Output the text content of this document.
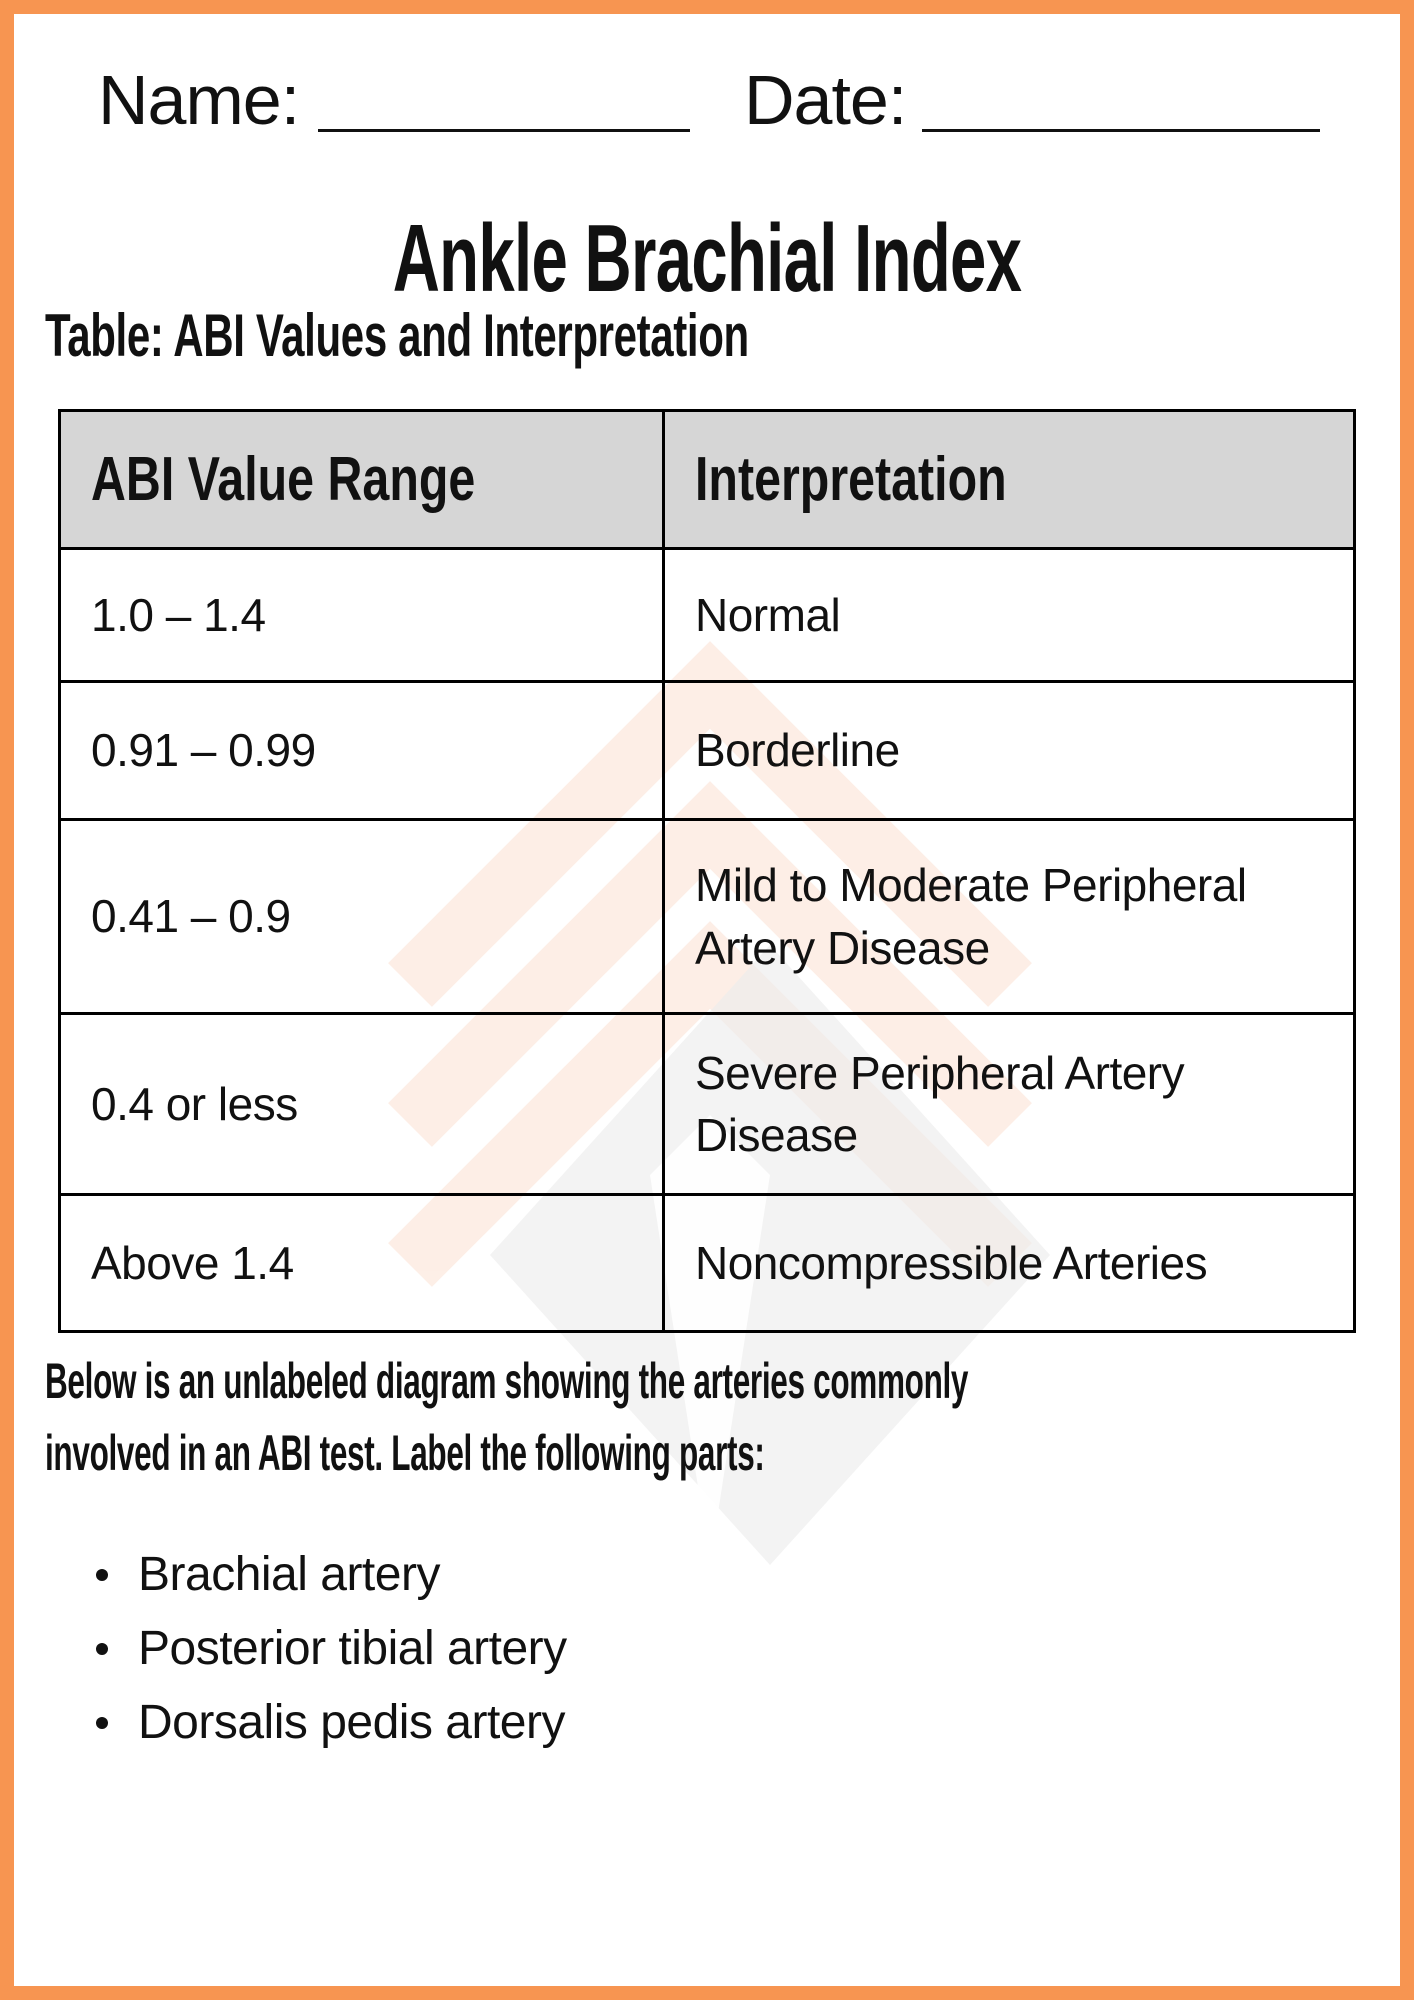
Name:	Date:
Ankle Brachial Index
Table: ABI Values and Interpretation
ABI Value Range	Interpretation
1.0 – 1.4	Normal
0.91 – 0.99	Borderline
0.41 – 0.9	Mild to Moderate Peripheral Artery Disease
0.4 or less	Severe Peripheral Artery Disease
Above 1.4	Noncompressible Arteries
Below is an unlabeled diagram showing the arteries commonly involved in an ABI test. Label the following parts:
Brachial artery
Posterior tibial artery
Dorsalis pedis artery
